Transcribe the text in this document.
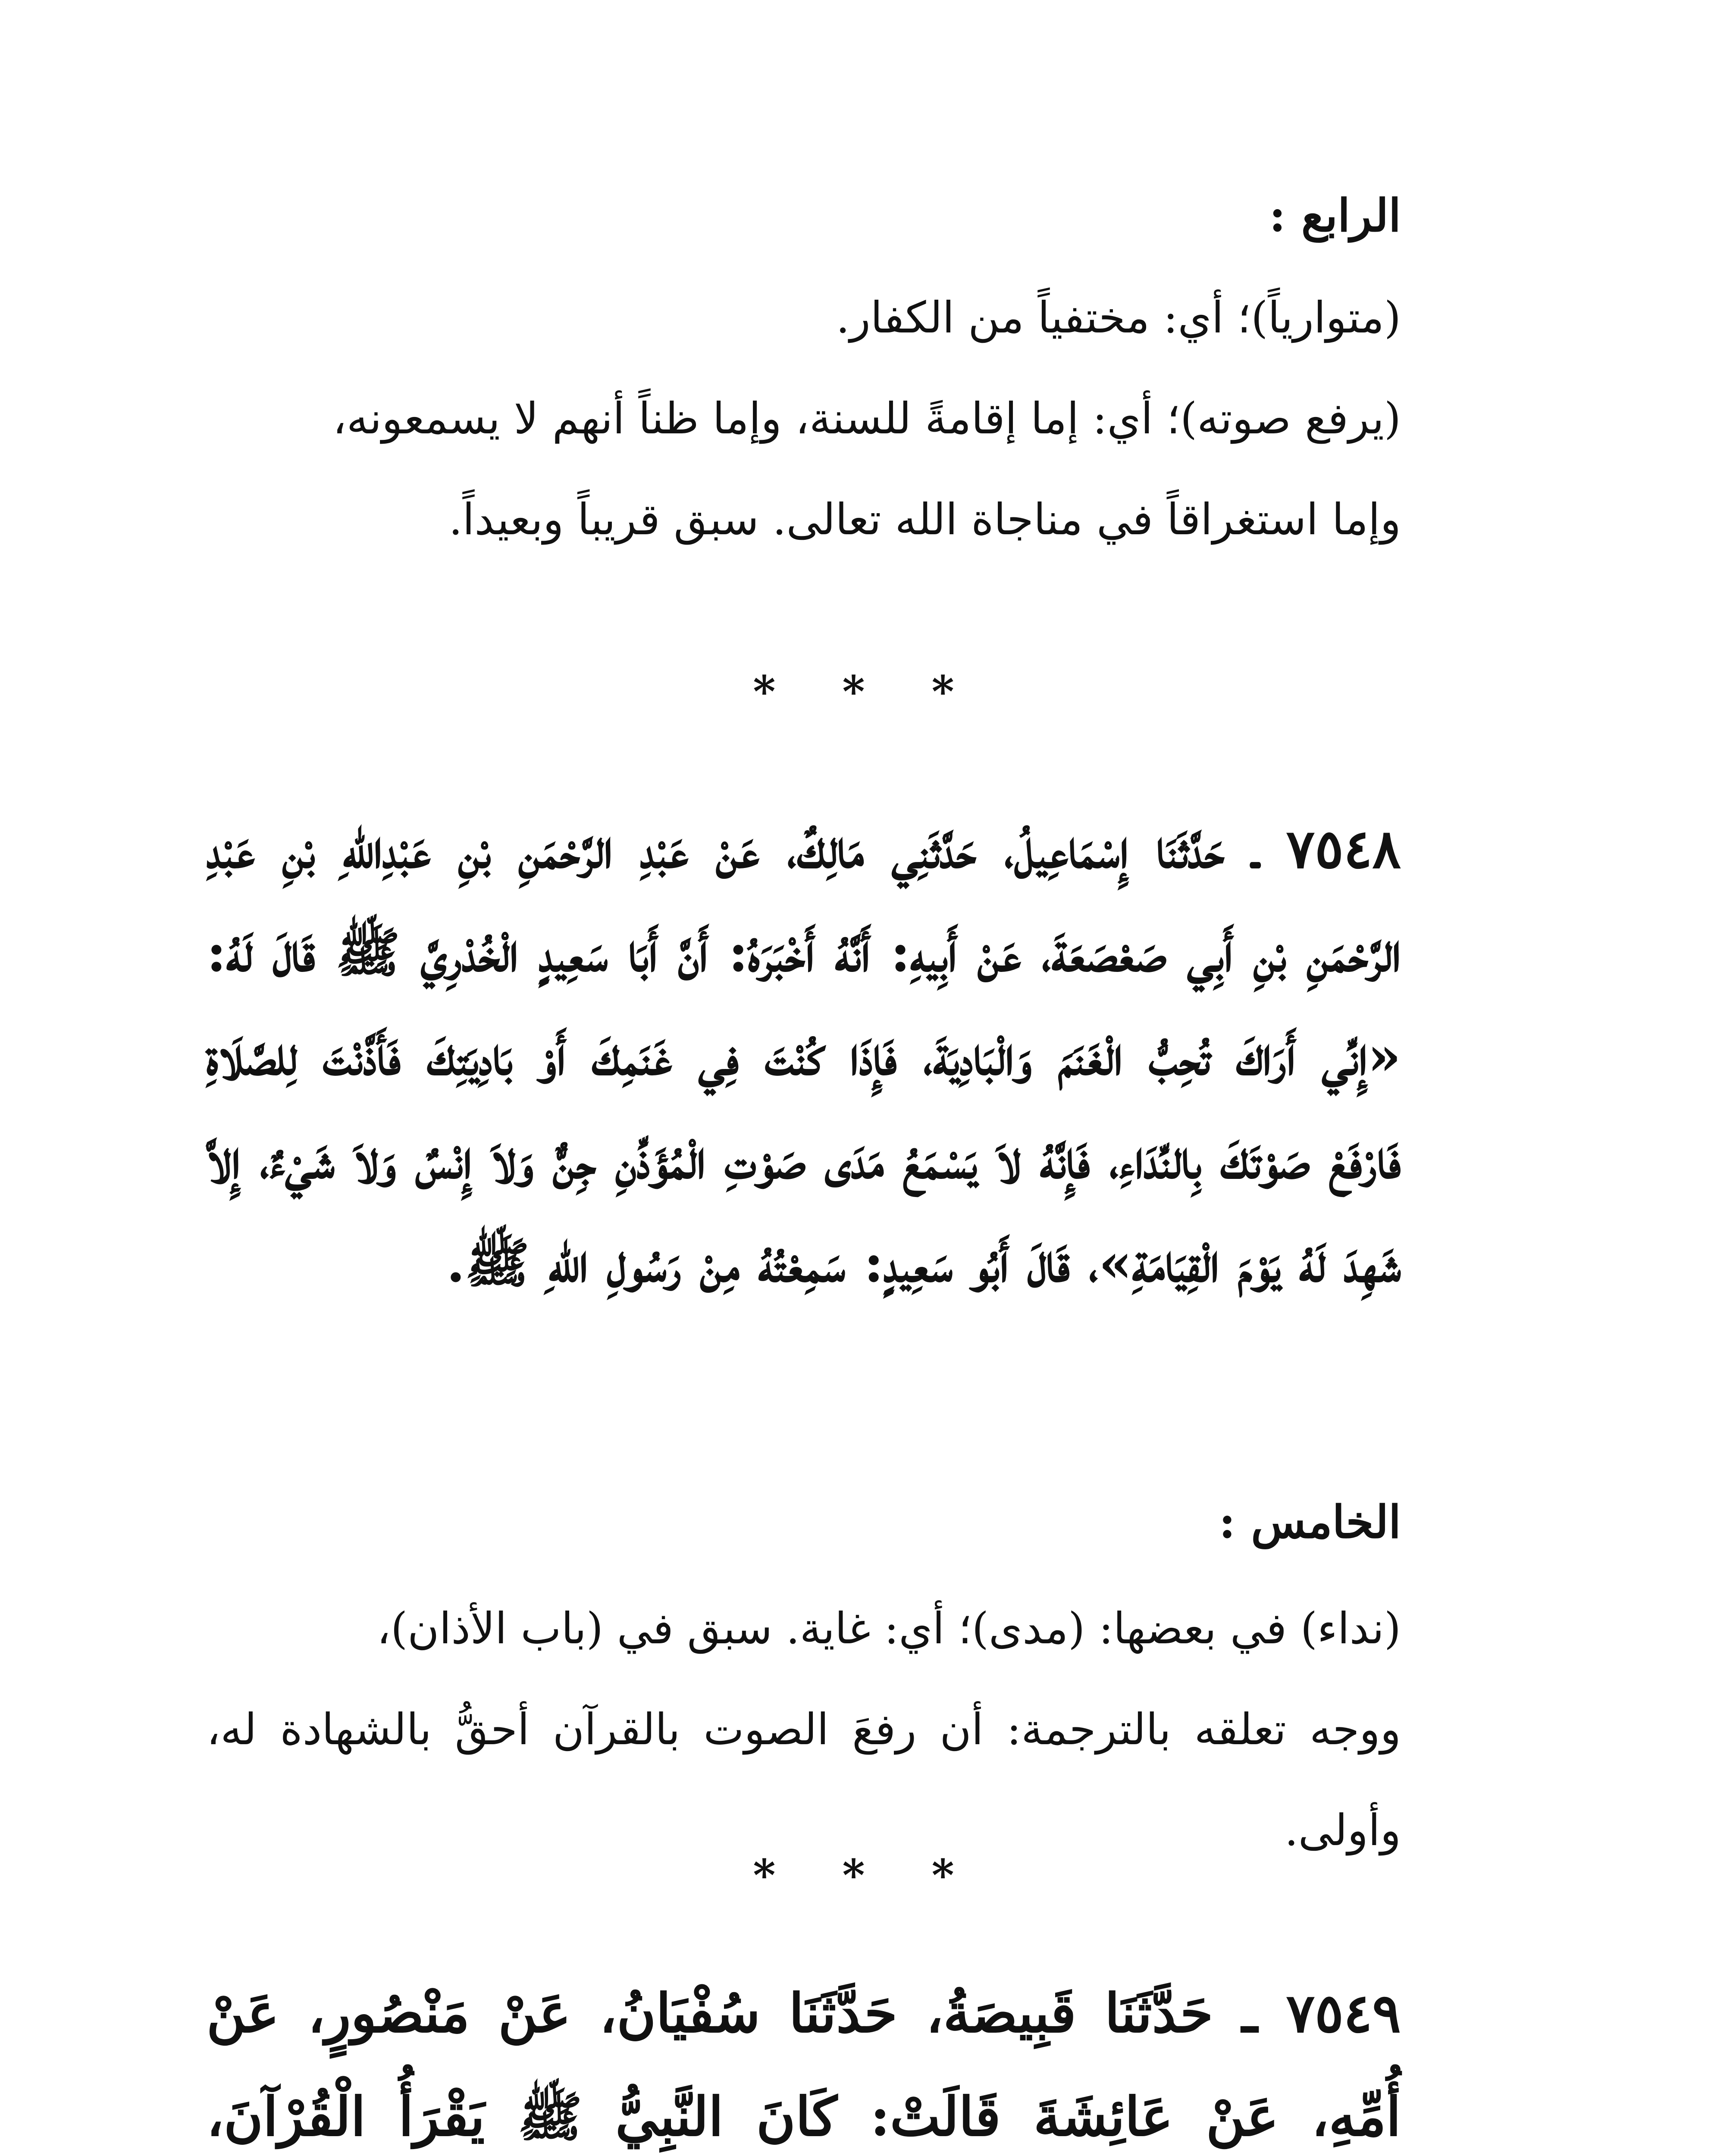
الرابع :
(متوارياً)؛ أي: مختفياً من الكفار.
(يرفع صوته)؛ أي: إما إقامةً للسنة، وإما ظناً أنهم لا يسمعونه،
وإما استغراقاً في مناجاة الله تعالى. سبق قريباً وبعيداً.
* * *
٧٥٤٨ ـ حَدَّثَنَا إِسْمَاعِيلُ، حَدَّثَنِي مَالِكٌ، عَنْ عَبْدِ الرَّحْمَنِ بْنِ عَبْدِاللهِ بْنِ عَبْدِ الرَّحْمَنِ بْنِ أَبِي صَعْصَعَةَ، عَنْ أَبِيهِ: أَنَّهُ أَخْبَرَهُ: أَنَّ أَبَا سَعِيدٍ الْخُدْرِيَّ ﷺ قَالَ لَهُ: «إِنِّي أَرَاكَ تُحِبُّ الْغَنَمَ وَالْبَادِيَةَ، فَإِذَا كُنْتَ فِي غَنَمِكَ أَوْ بَادِيَتِكَ فَأَذَّنْتَ لِلصَّلَاةِ فَارْفَعْ صَوْتَكَ بِالنِّدَاءِ، فَإِنَّهُ لاَ يَسْمَعُ مَدَى صَوْتِ الْمُؤَذِّنِ جِنٌّ وَلاَ إِنْسٌ وَلاَ شَيْءٌ، إِلاَّ شَهِدَ لَهُ يَوْمَ الْقِيَامَةِ»، قَالَ أَبُو سَعِيدٍ: سَمِعْتُهُ مِنْ رَسُولِ اللهِ ﷺ.
الخامس :
(نداء) في بعضها: (مدى)؛ أي: غاية. سبق في (باب الأذان)،
ووجه تعلقه بالترجمة: أن رفعَ الصوت بالقرآن أحقُّ بالشهادة له، وأولى.
* * *
٧٥٤٩ ـ حَدَّثَنَا قَبِيصَةُ، حَدَّثَنَا سُفْيَانُ، عَنْ مَنْصُورٍ، عَنْ أُمِّهِ، عَنْ عَائِشَةَ قَالَتْ: كَانَ النَّبِيُّ ﷺ يَقْرَأُ الْقُرْآنَ،
